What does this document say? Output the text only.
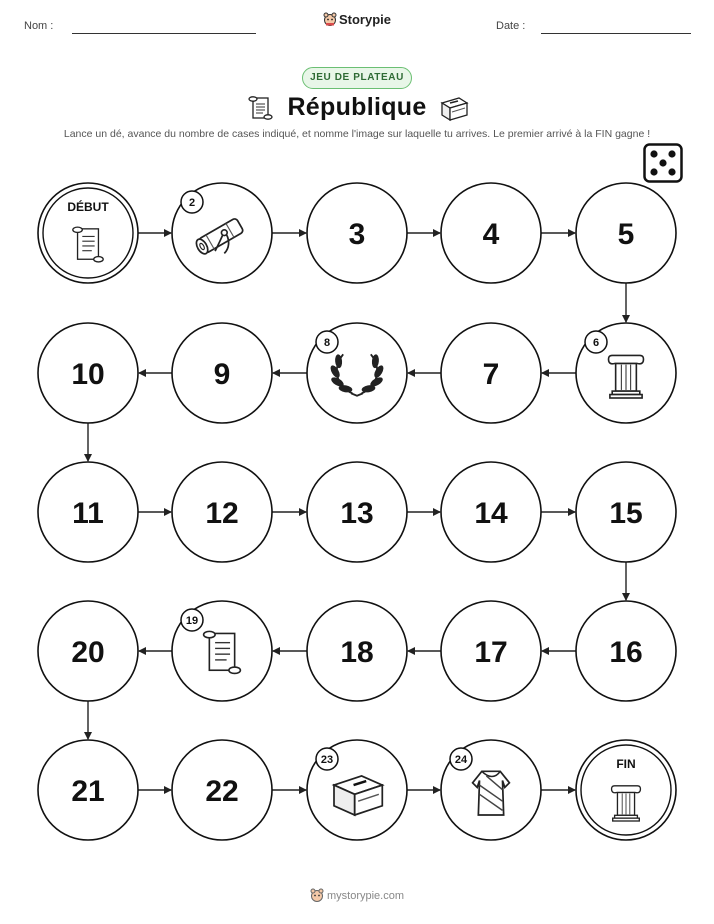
Nom :	Storypie	Date :
JEU DE PLATEAU
République
Lance un dé, avance du nombre de cases indiqué, et nomme l'image sur laquelle tu arrives. Le premier arrivé à la FIN gagne !
DÉBUT	2
3	4	5
6
7
8
9
10
11	12	13	14	15
16
17
18
19
20
21	22
23	24	FIN
mystorypie.com
